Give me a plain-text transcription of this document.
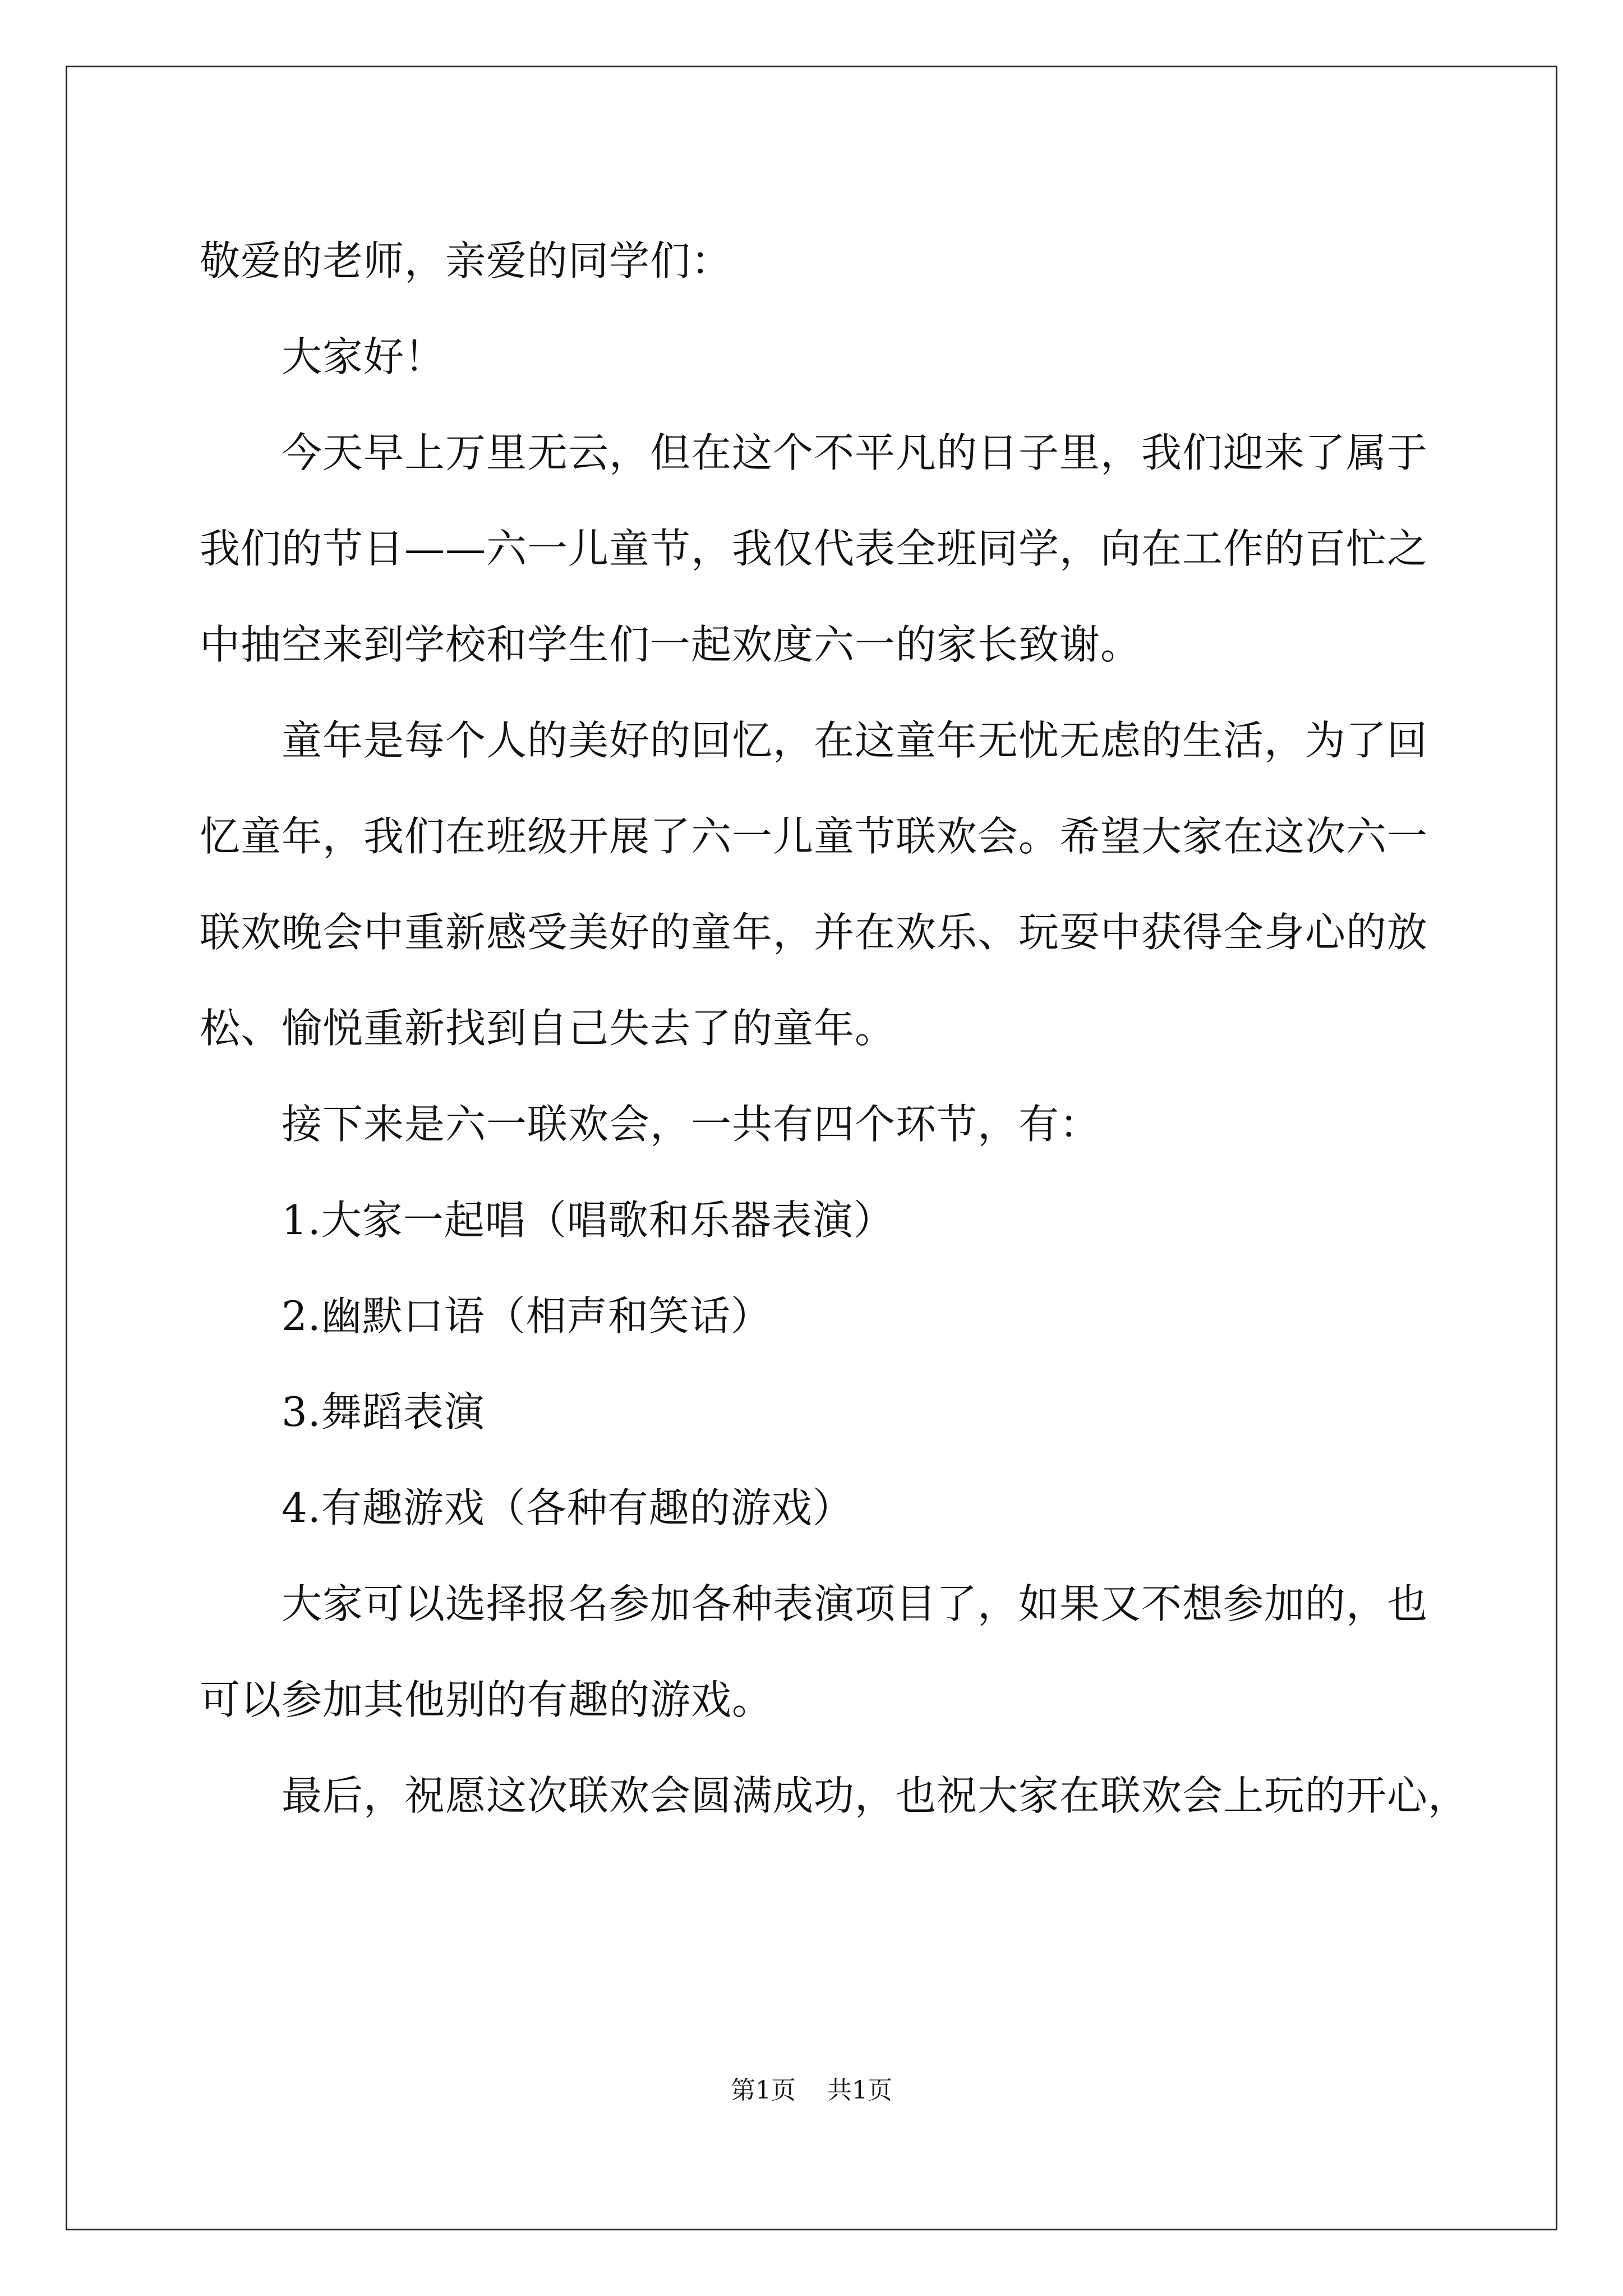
敬爱的老师，亲爱的同学们：

大家好！

今天早上万里无云，但在这个不平凡的日子里，我们迎来了属于

我们的节日——六一儿童节，我仅代表全班同学，向在工作的百忙之

中抽空来到学校和学生们一起欢度六一的家长致谢。

童年是每个人的美好的回忆，在这童年无忧无虑的生活，为了回

忆童年，我们在班级开展了六一儿童节联欢会。希望大家在这次六一

联欢晚会中重新感受美好的童年，并在欢乐、玩耍中获得全身心的放

松、愉悦重新找到自己失去了的童年。

接下来是六一联欢会，一共有四个环节，有：

1.大家一起唱（唱歌和乐器表演）

2.幽默口语（相声和笑话）

3.舞蹈表演

4.有趣游戏（各种有趣的游戏）

大家可以选择报名参加各种表演项目了，如果又不想参加的，也

可以参加其他别的有趣的游戏。

最后，祝愿这次联欢会圆满成功，也祝大家在联欢会上玩的开心，

第1页 共1页
